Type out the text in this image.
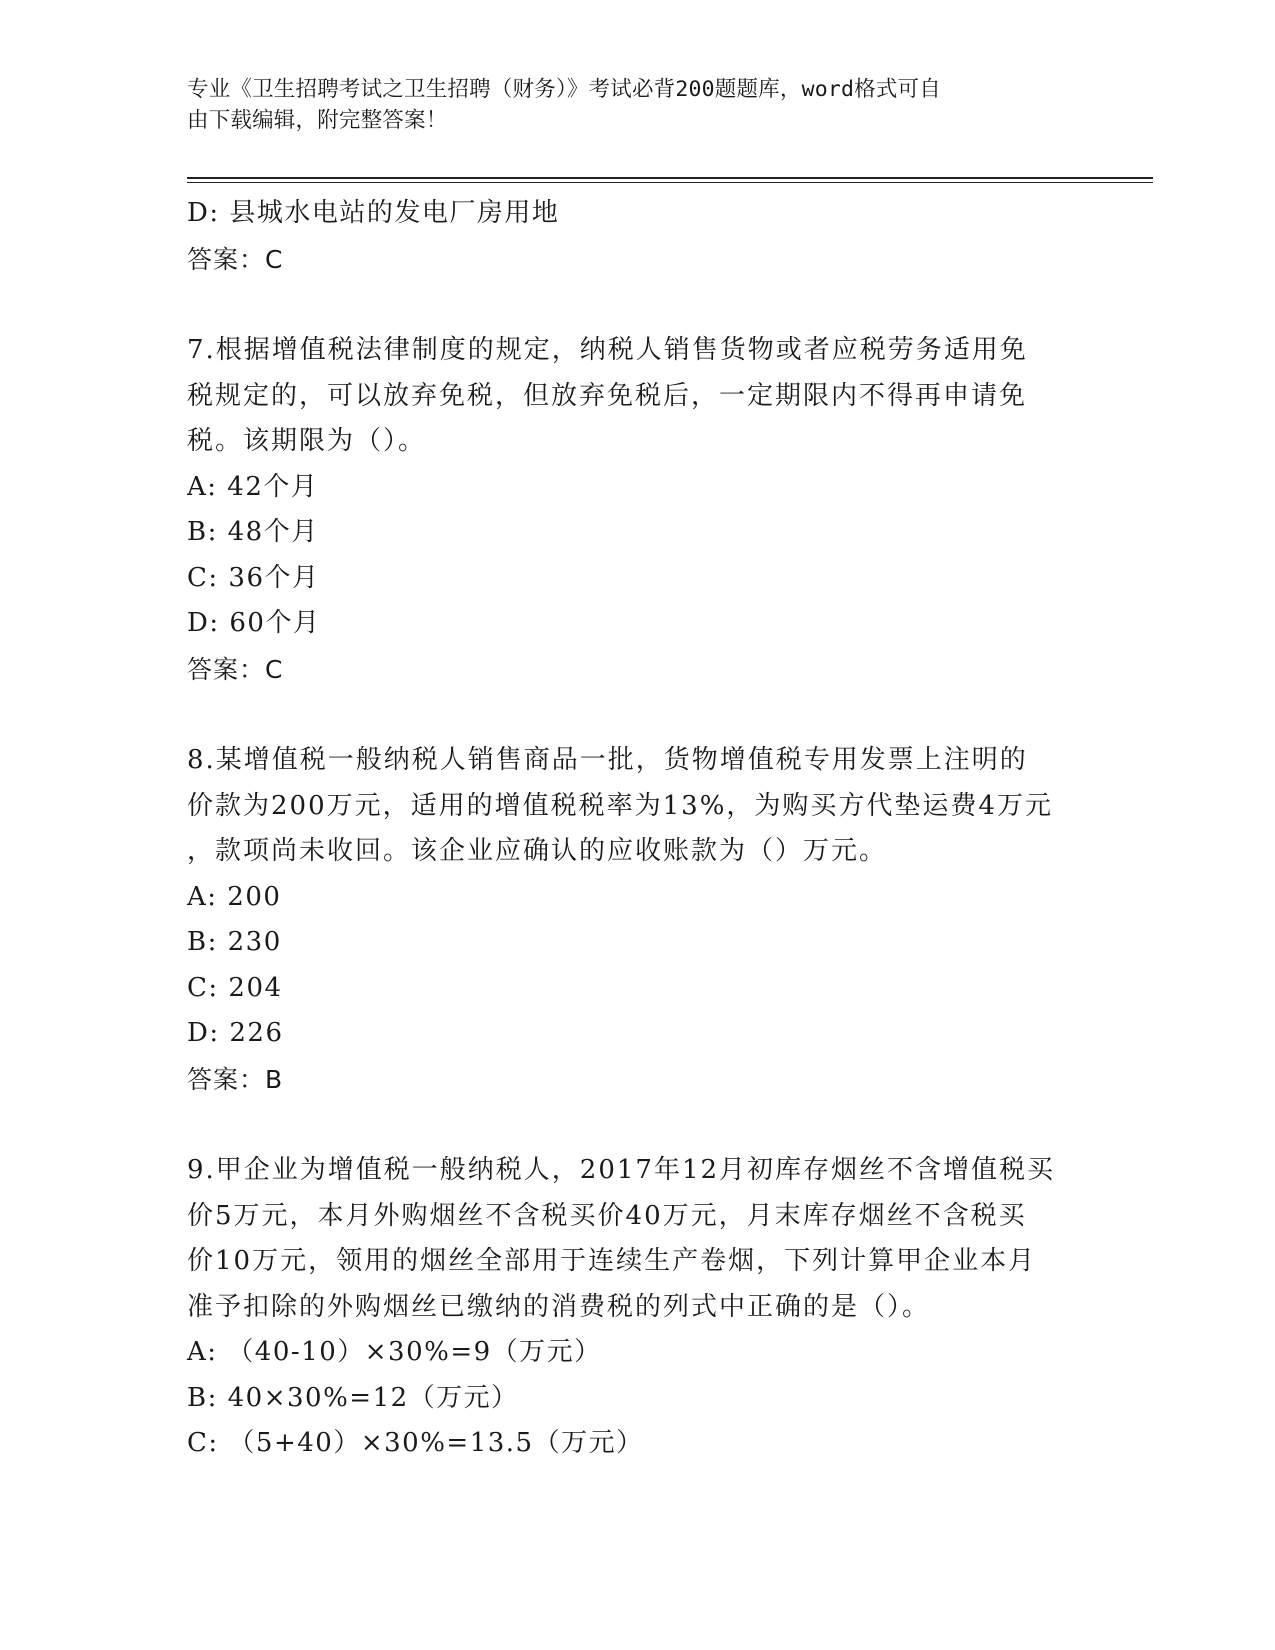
专业《卫生招聘考试之卫生招聘（财务）》考试必背200题题库，word格式可自
由下载编辑，附完整答案！
D: 县城水电站的发电厂房用地
答案：C
7.根据增值税法律制度的规定，纳税人销售货物或者应税劳务适用免
税规定的，可以放弃免税，但放弃免税后，一定期限内不得再申请免
税。该期限为（）。
A: 42个月
B: 48个月
C: 36个月
D: 60个月
答案：C
8.某增值税一般纳税人销售商品一批，货物增值税专用发票上注明的
价款为200万元，适用的增值税税率为13%，为购买方代垫运费4万元
，款项尚未收回。该企业应确认的应收账款为（）万元。
A: 200
B: 230
C: 204
D: 226
答案：B
9.甲企业为增值税一般纳税人，2017年12月初库存烟丝不含增值税买
价5万元，本月外购烟丝不含税买价40万元，月末库存烟丝不含税买
价10万元，领用的烟丝全部用于连续生产卷烟，下列计算甲企业本月
准予扣除的外购烟丝已缴纳的消费税的列式中正确的是（）。
A: （40-10）×30%=9（万元）
B: 40×30%=12（万元）
C: （5+40）×30%=13.5（万元）
